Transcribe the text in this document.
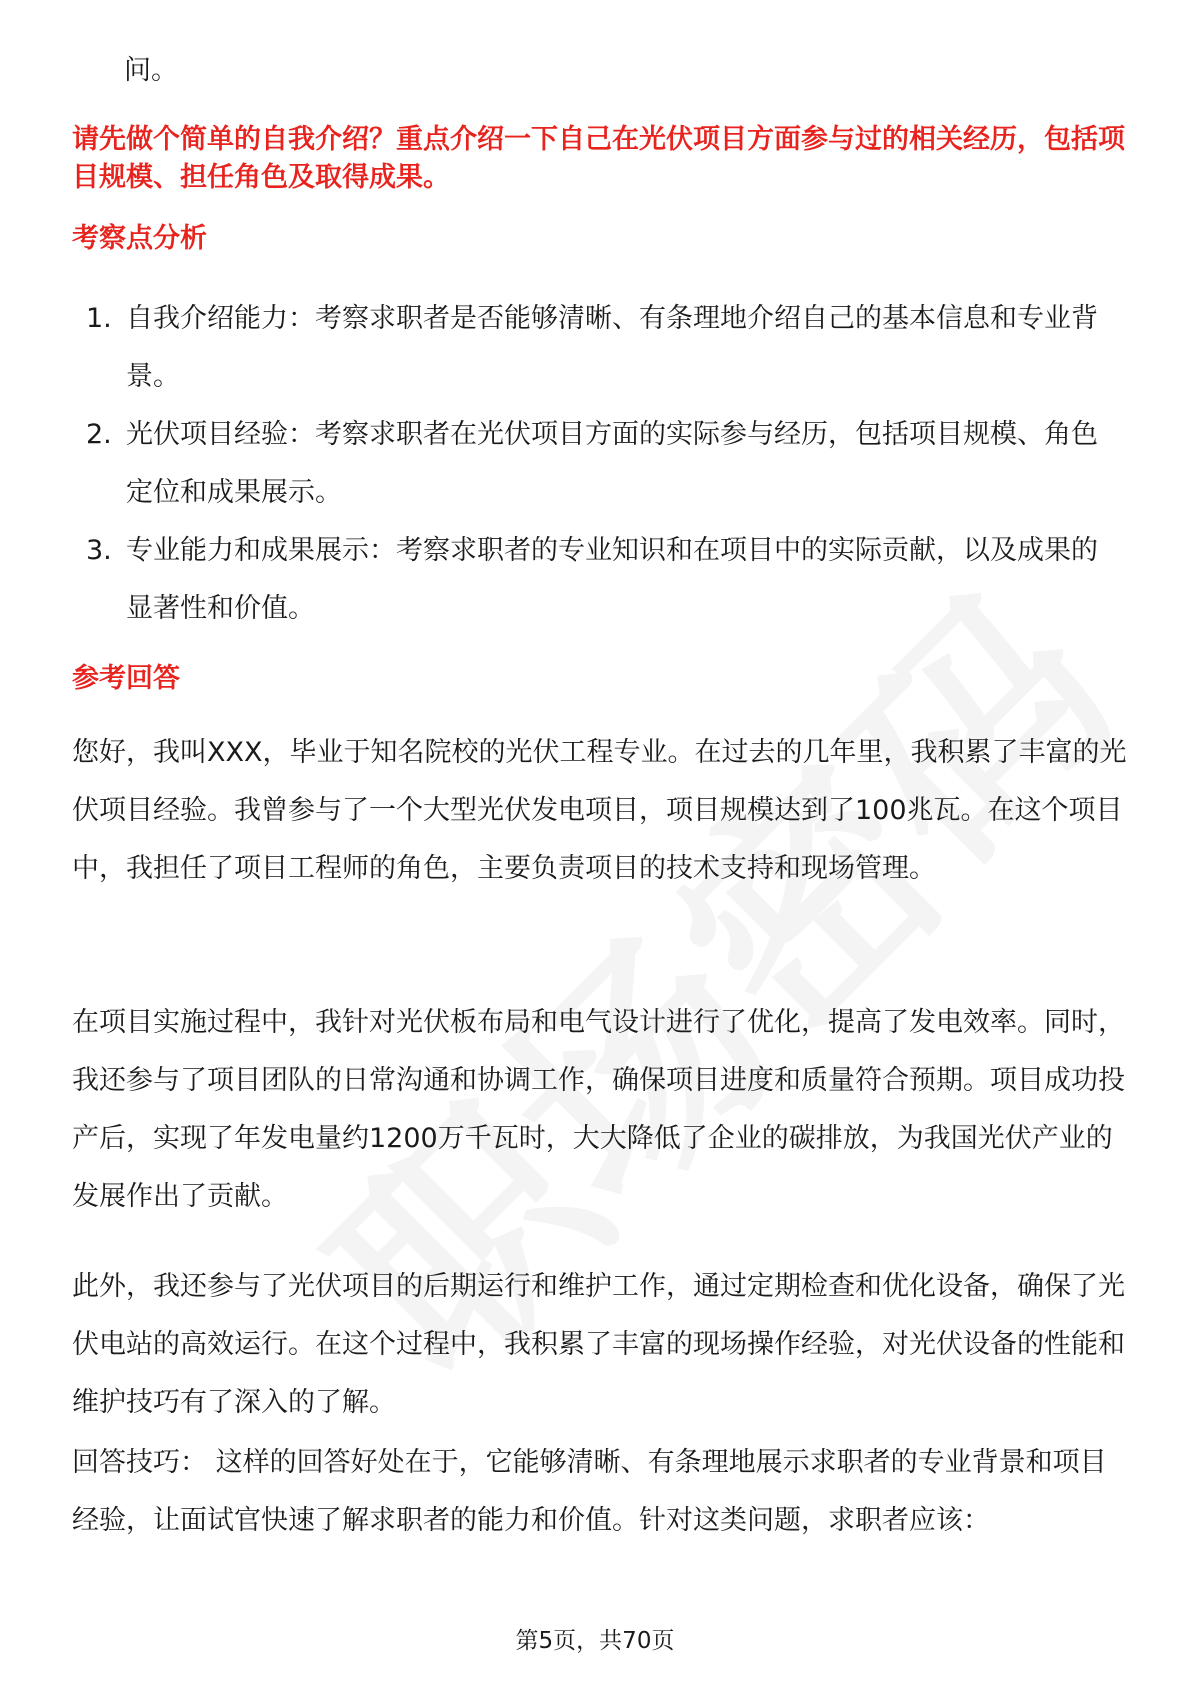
问。
请先做个简单的自我介绍？重点介绍一下自己在光伏项目方面参与过的相关经历，包括项目规模、担任角色及取得成果。
考察点分析
1. 自我介绍能力：考察求职者是否能够清晰、有条理地介绍自己的基本信息和专业背景。
2. 光伏项目经验：考察求职者在光伏项目方面的实际参与经历，包括项目规模、角色定位和成果展示。
3. 专业能力和成果展示：考察求职者的专业知识和在项目中的实际贡献，以及成果的显著性和价值。
参考回答

您好，我叫XXX，毕业于知名院校的光伏工程专业。在过去的几年里，我积累了丰富的光伏项目经验。我曾参与了一个大型光伏发电项目，项目规模达到了100兆瓦。在这个项目中，我担任了项目工程师的角色，主要负责项目的技术支持和现场管理。

在项目实施过程中，我针对光伏板布局和电气设计进行了优化，提高了发电效率。同时，我还参与了项目团队的日常沟通和协调工作，确保项目进度和质量符合预期。项目成功投产后，实现了年发电量约1200万千瓦时，大大降低了企业的碳排放，为我国光伏产业的发展作出了贡献。

此外，我还参与了光伏项目的后期运行和维护工作，通过定期检查和优化设备，确保了光伏电站的高效运行。在这个过程中，我积累了丰富的现场操作经验，对光伏设备的性能和维护技巧有了深入的了解。

回答技巧： 这样的回答好处在于，它能够清晰、有条理地展示求职者的专业背景和项目经验，让面试官快速了解求职者的能力和价值。针对这类问题，求职者应该：

第5页，共70页
